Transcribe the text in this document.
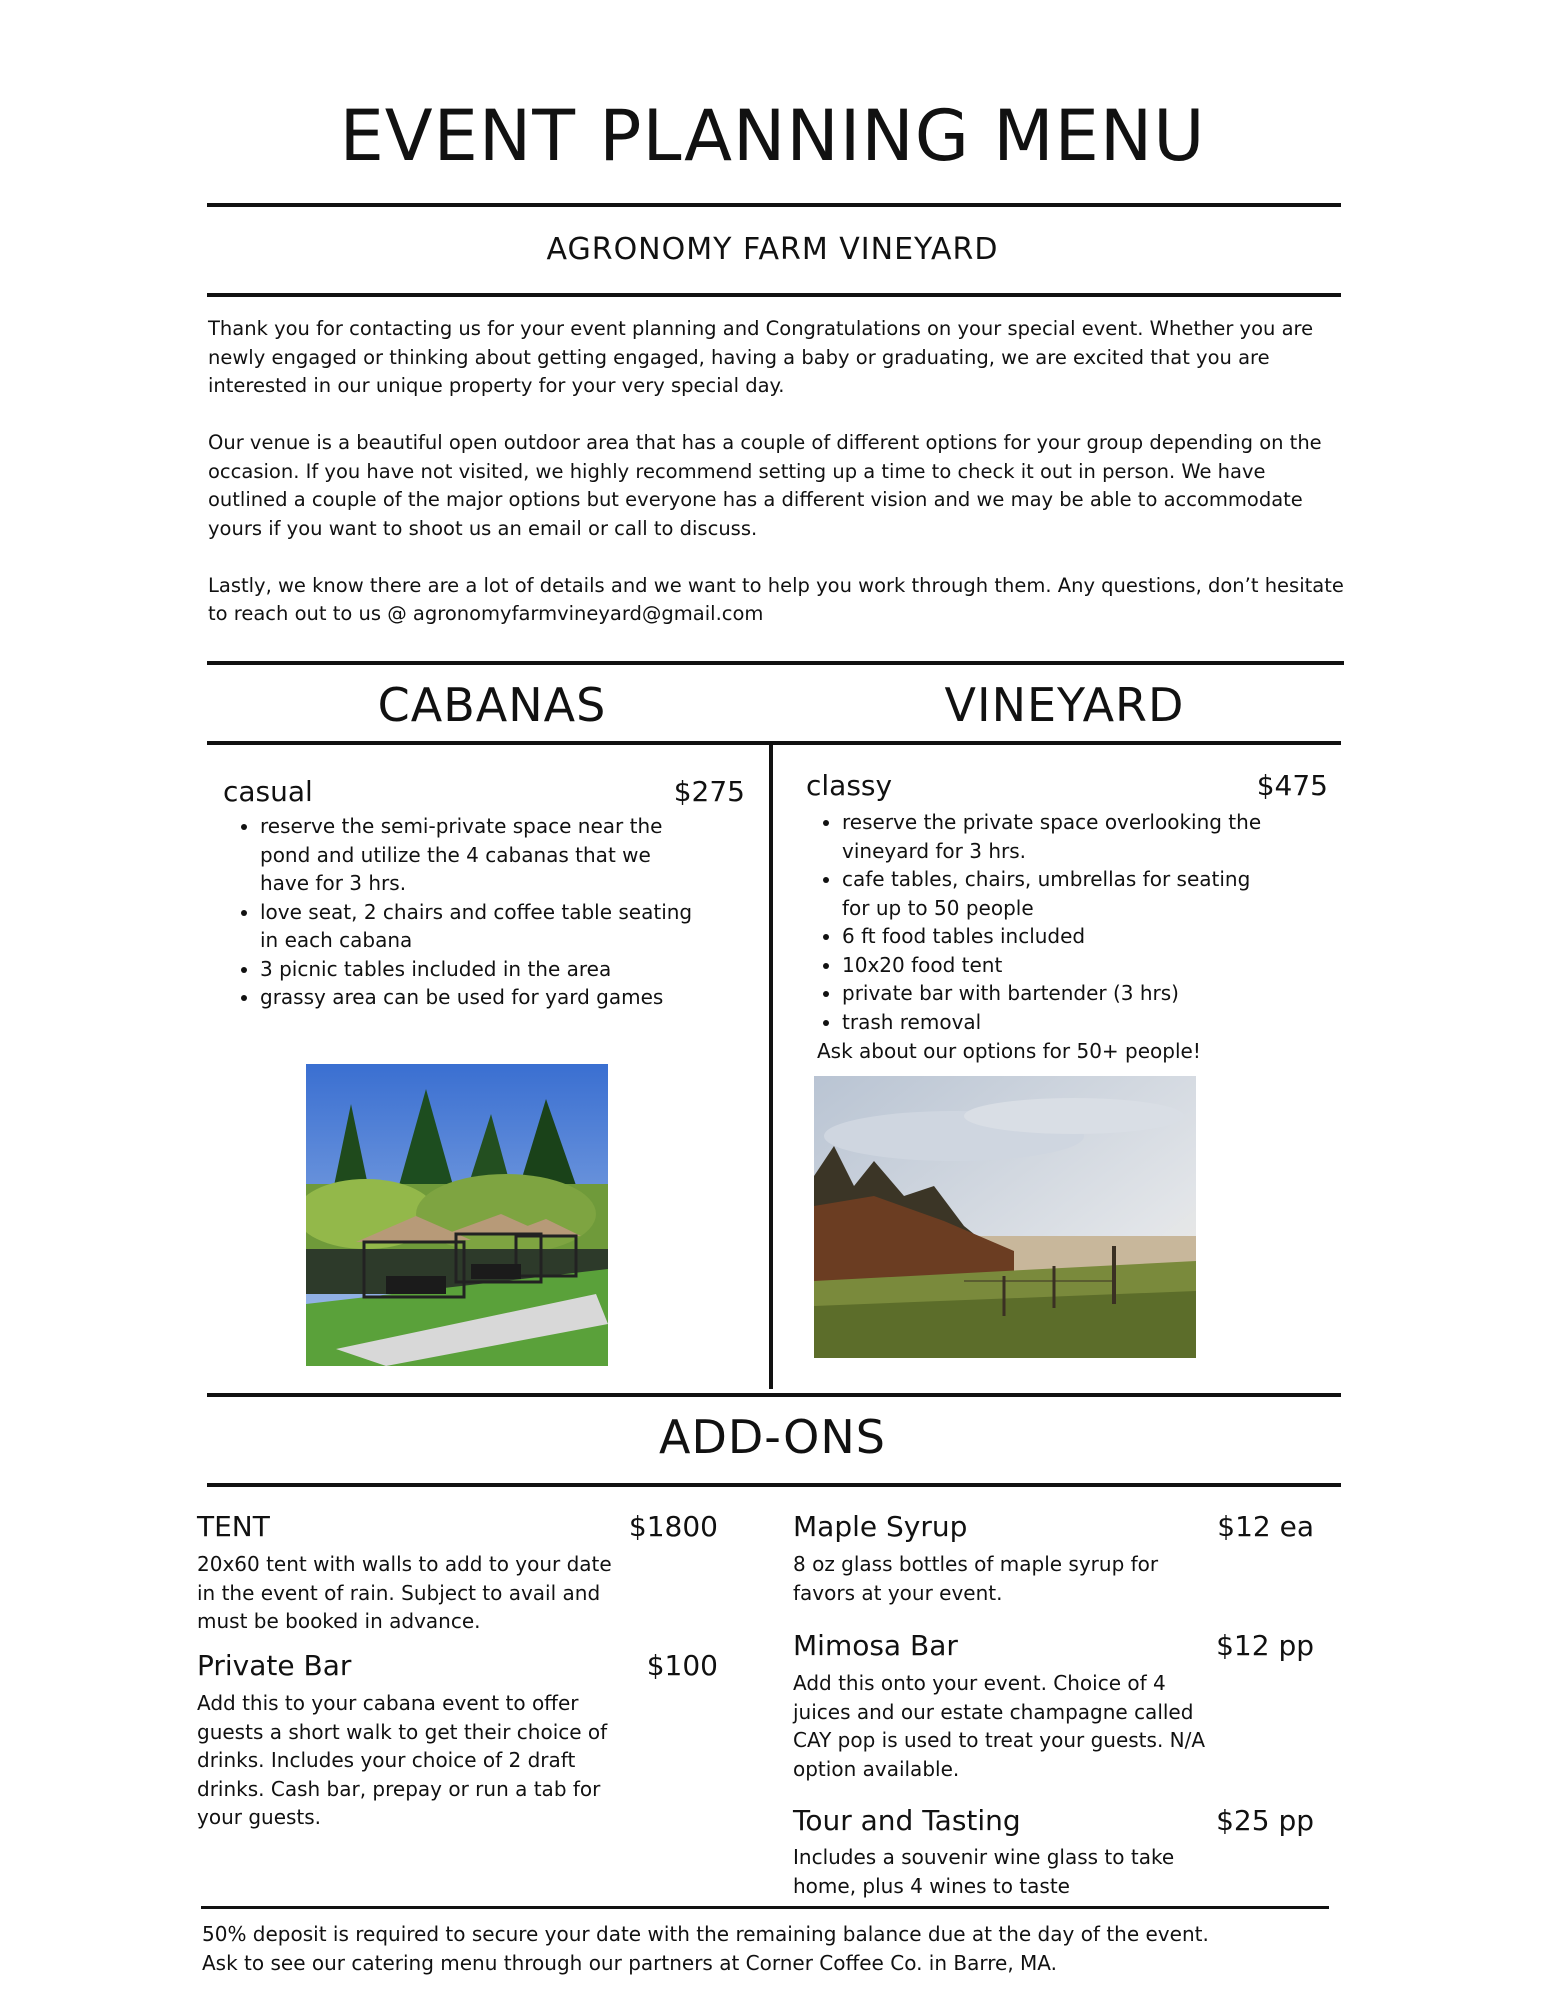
EVENT PLANNING MENU
AGRONOMY FARM VINEYARD

Thank you for contacting us for your event planning and Congratulations on your special event. Whether you are newly engaged or thinking about getting engaged, having a baby or graduating, we are excited that you are interested in our unique property for your very special day.

Our venue is a beautiful open outdoor area that has a couple of different options for your group depending on the occasion. If you have not visited, we highly recommend setting up a time to check it out in person. We have outlined a couple of the major options but everyone has a different vision and we may be able to accommodate yours if you want to shoot us an email or call to discuss.

Lastly, we know there are a lot of details and we want to help you work through them. Any questions, don’t hesitate to reach out to us @ agronomyfarmvineyard@gmail.com

CABANAS	VINEYARD
casual	$275
• reserve the semi-private space near the pond and utilize the 4 cabanas that we have for 3 hrs.
• love seat, 2 chairs and coffee table seating in each cabana
• 3 picnic tables included in the area
• grassy area can be used for yard games
classy	$475
• reserve the private space overlooking the vineyard for 3 hrs.
• cafe tables, chairs, umbrellas for seating for up to 50 people
• 6 ft food tables included
• 10x20 food tent
• private bar with bartender (3 hrs)
• trash removal
Ask about our options for 50+ people!
ADD-ONS
TENT	$1800
20x60 tent with walls to add to your date in the event of rain. Subject to avail and must be booked in advance.
Private Bar	$100
Add this to your cabana event to offer guests a short walk to get their choice of drinks. Includes your choice of 2 draft drinks. Cash bar, prepay or run a tab for your guests.
Maple Syrup	$12 ea
8 oz glass bottles of maple syrup for favors at your event.
Mimosa Bar	$12 pp
Add this onto your event. Choice of 4 juices and our estate champagne called CAY pop is used to treat your guests. N/A option available.
Tour and Tasting	$25 pp
Includes a souvenir wine glass to take home, plus 4 wines to taste
50% deposit is required to secure your date with the remaining balance due at the day of the event.
Ask to see our catering menu through our partners at Corner Coffee Co. in Barre, MA.
